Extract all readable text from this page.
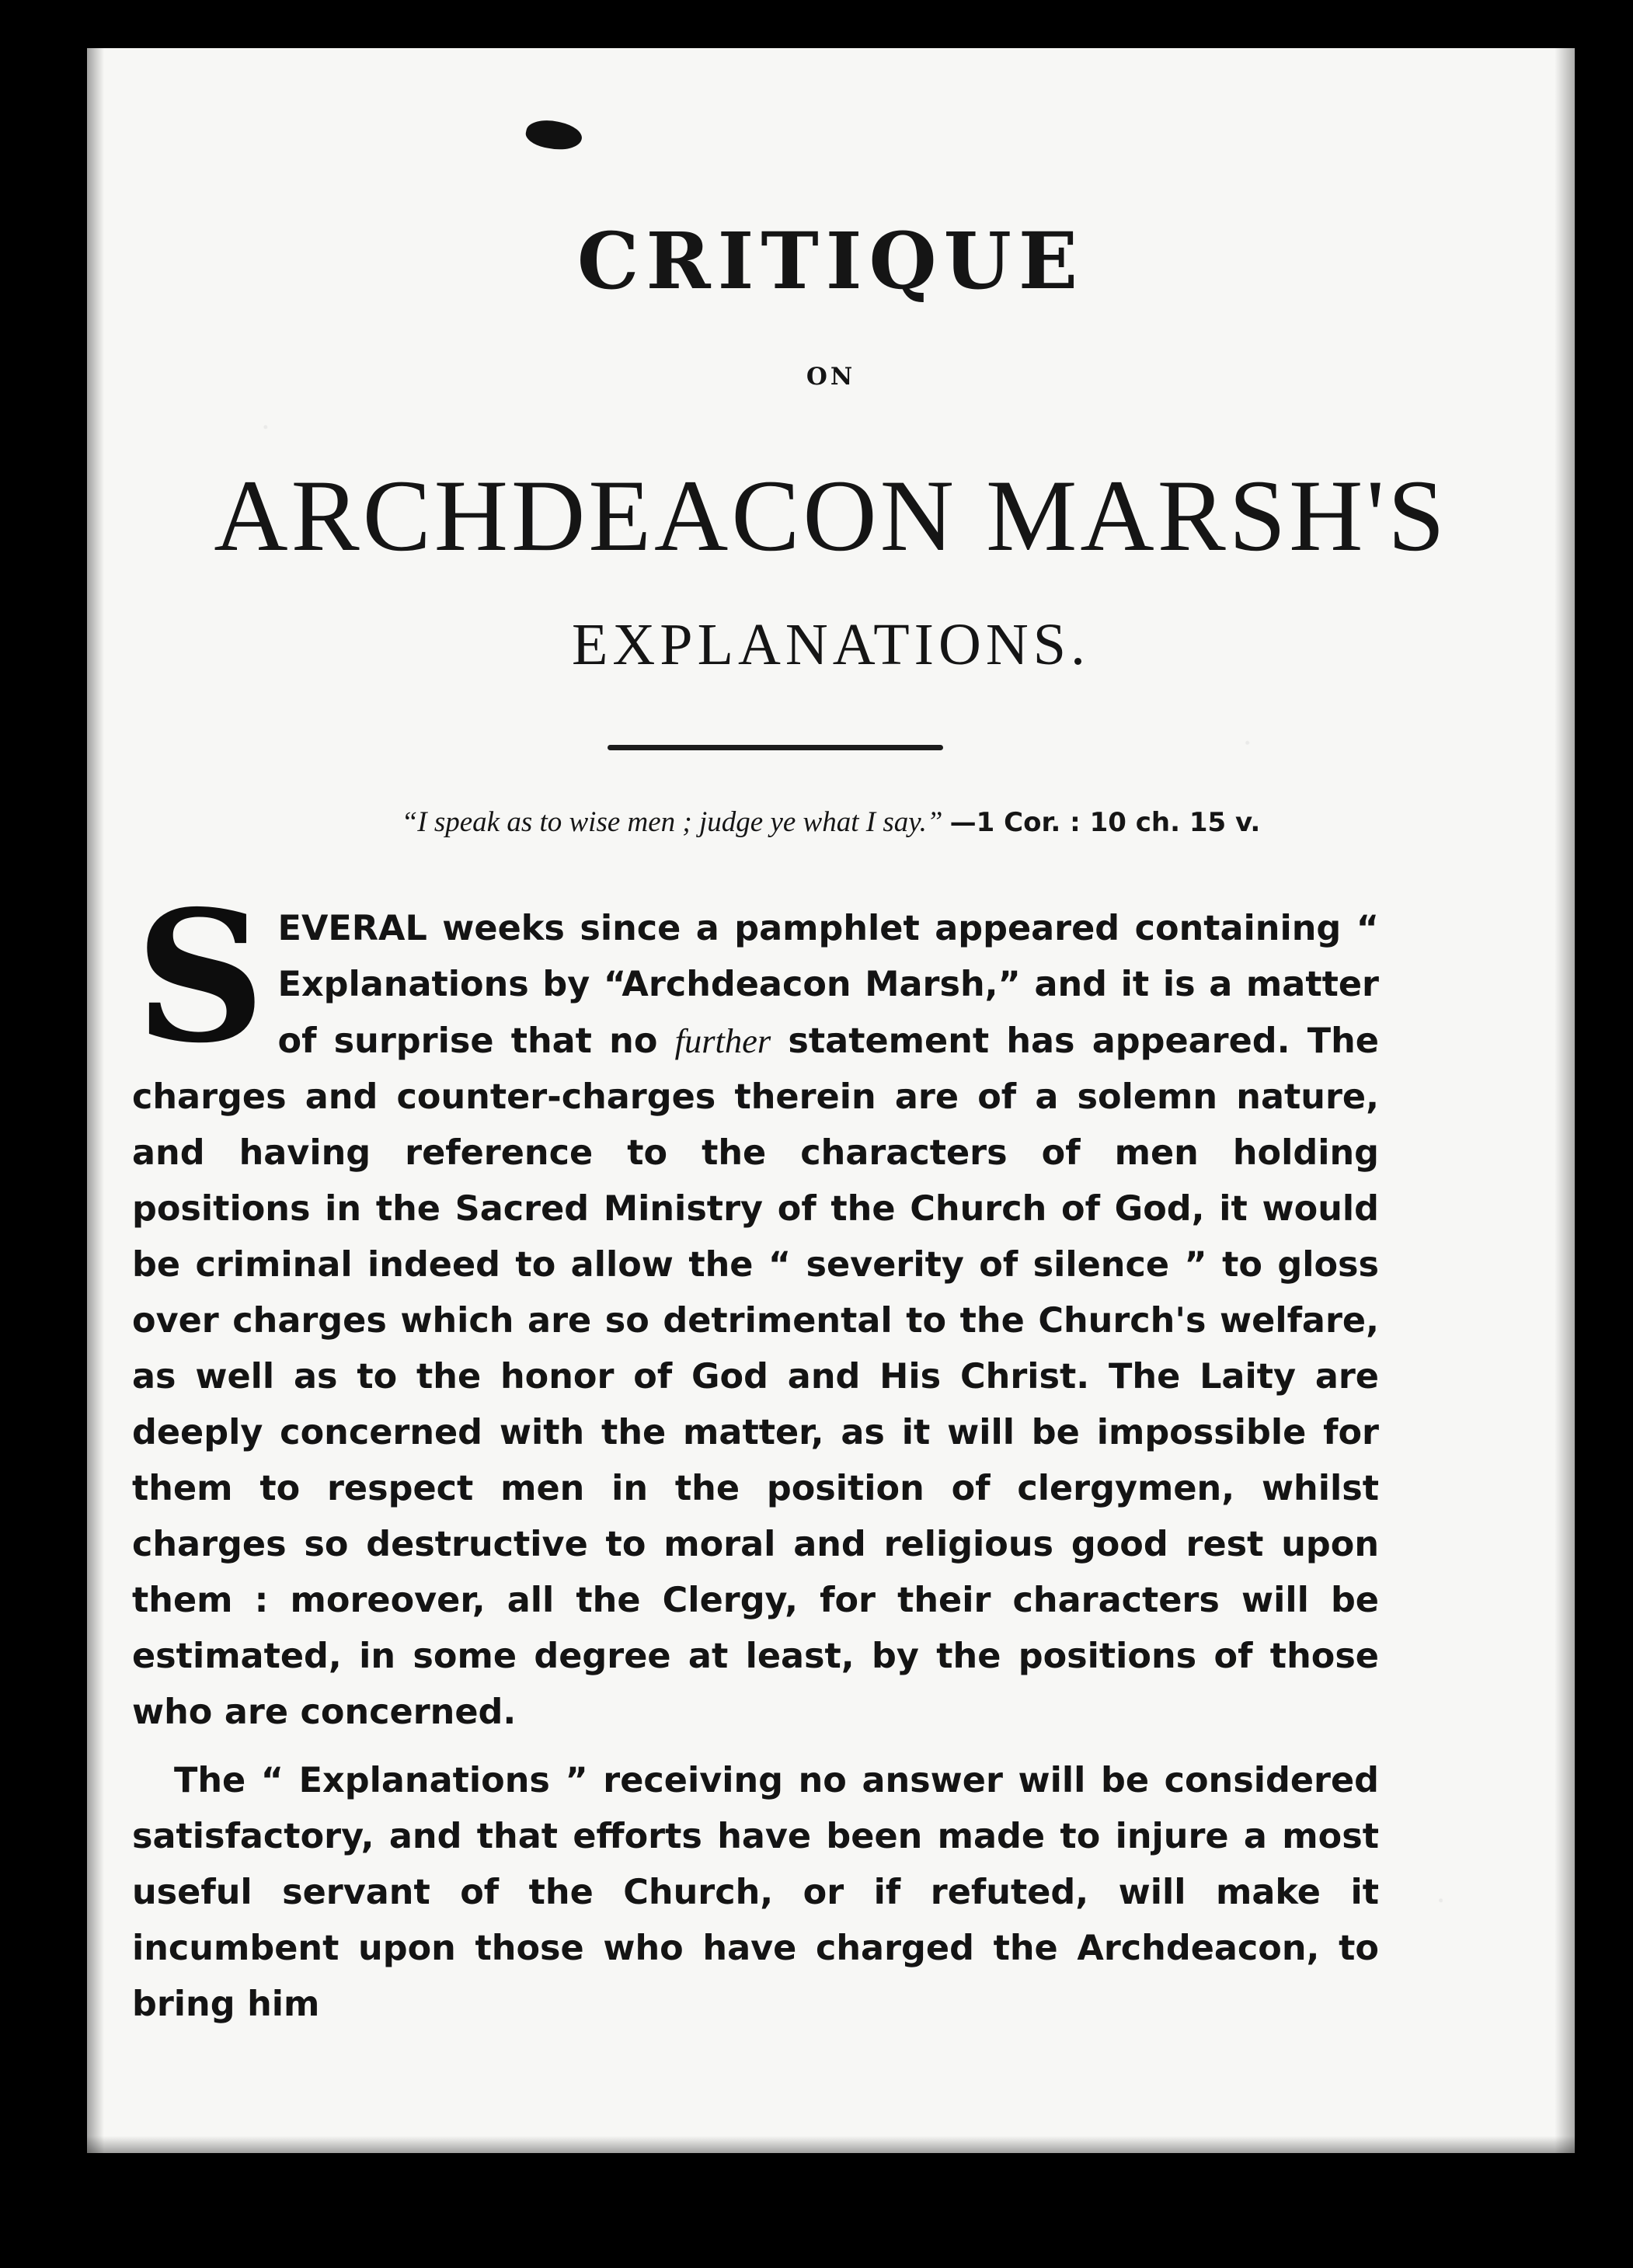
CRITIQUE
ON
ARCHDEACON MARSH'S
EXPLANATIONS.
“I speak as to wise men ; judge ye what I say.” —1 Cor. : 10 ch. 15 v.

SEVERAL weeks since a pamphlet appeared containing “ Explanations by “Archdeacon Marsh,” and it is a matter of surprise that no further statement has appeared. The charges and counter-charges therein are of a solemn nature, and having reference to the characters of men holding positions in the Sacred Ministry of the Church of God, it would be criminal indeed to allow the “ severity of silence ” to gloss over charges which are so detrimental to the Church's welfare, as well as to the honor of God and His Christ. The Laity are deeply concerned with the matter, as it will be impossible for them to respect men in the position of clergymen, whilst charges so destructive to moral and religious good rest upon them : moreover, all the Clergy, for their characters will be estimated, in some degree at least, by the positions of those who are concerned.

The “ Explanations ” receiving no answer will be considered satisfactory, and that efforts have been made to injure a most useful servant of the Church, or if refuted, will make it incumbent upon those who have charged the Archdeacon, to bring him
